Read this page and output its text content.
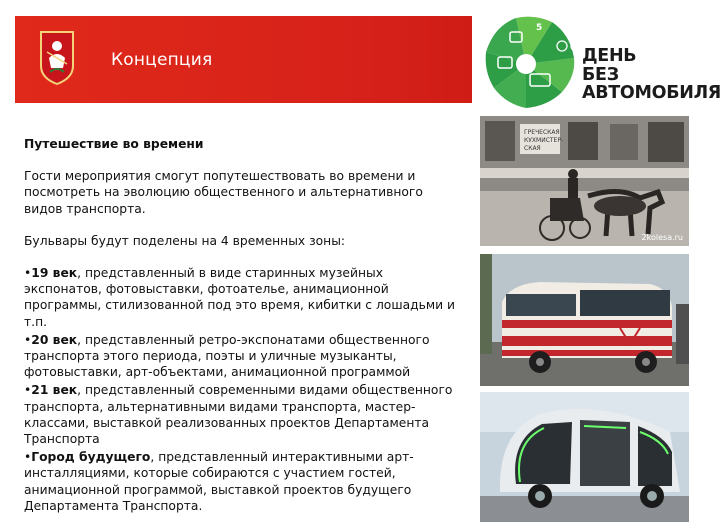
Концепция
5
ДЕНЬ
БЕЗ
АВТОМОБИЛЯ
Путешествие во времени
Гости мероприятия смогут попутешествовать во времени и посмотреть на эволюцию общественного и альтернативного видов транспорта.
Бульвары будут поделены на 4 временных зоны:
•19 век, представленный в виде старинных музейных экспонатов, фотовыставки, фотоателье, анимационной программы, стилизованной под это время, кибитки с лошадьми и т.п.
•20 век, представленный ретро-экспонатами общественного транспорта этого периода, поэты и уличные музыканты, фотовыставки, арт-объектами, анимационной программой
•21 век, представленный современными видами общественного транспорта, альтернативными видами транспорта, мастер-классами, выставкой реализованных проектов Департамента Транспорта
•Город будущего, представленный интерактивными арт-инсталляциями, которые собираются с участием гостей, анимационной программой, выставкой проектов будущего Департамента Транспорта.
ГРЕЧЕСКАЯ
КУХМИСТЕР-
СКАЯ
2kolesa.ru
